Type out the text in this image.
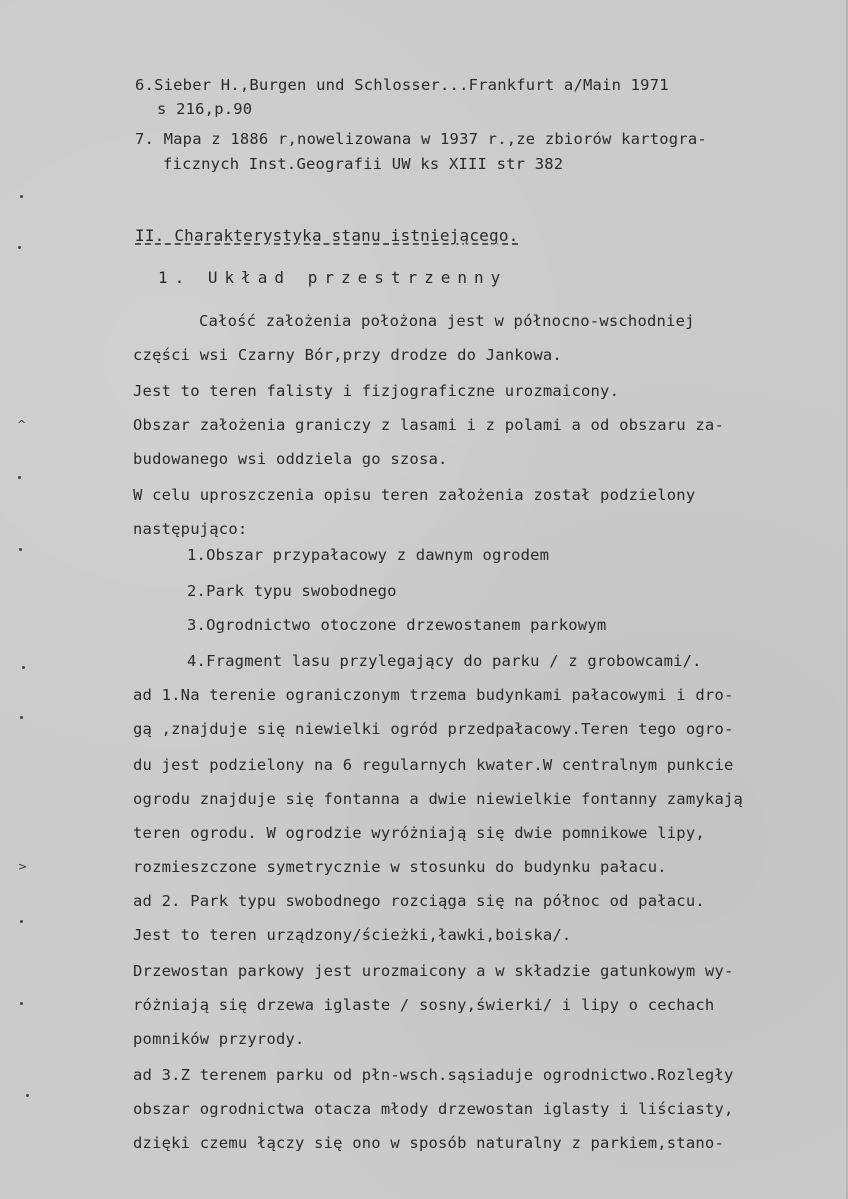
6.Sieber H.,Burgen und Schlosser...Frankfurt a/Main 1971
s 216,p.90
7. Mapa z 1886 r,nowelizowana w 1937 r.,ze zbiorów kartogra-
ficznych Inst.Geografii UW ks XIII str 382
II. Charakterystyka stanu istniejącego.
1. Układ przestrzenny
Całość założenia położona jest w północno-wschodniej
części wsi Czarny Bór,przy drodze do Jankowa.
Jest to teren falisty i fizjograficzne urozmaicony.
Obszar założenia graniczy z lasami i z polami a od obszaru za-
budowanego wsi oddziela go szosa.
W celu uproszczenia opisu teren założenia został podzielony
następująco:
1.Obszar przypałacowy z dawnym ogrodem
2.Park typu swobodnego
3.Ogrodnictwo otoczone drzewostanem parkowym
4.Fragment lasu przylegający do parku / z grobowcami/.
ad 1.Na terenie ograniczonym trzema budynkami pałacowymi i dro-
gą ,znajduje się niewielki ogród przedpałacowy.Teren tego ogro-
du jest podzielony na 6 regularnych kwater.W centralnym punkcie
ogrodu znajduje się fontanna a dwie niewielkie fontanny zamykają
teren ogrodu. W ogrodzie wyróżniają się dwie pomnikowe lipy,
rozmieszczone symetrycznie w stosunku do budynku pałacu.
ad 2. Park typu swobodnego rozciąga się na północ od pałacu.
Jest to teren urządzony/ścieżki,ławki,boiska/.
Drzewostan parkowy jest urozmaicony a w składzie gatunkowym wy-
różniają się drzewa iglaste / sosny,świerki/ i lipy o cechach
pomników przyrody.
ad 3.Z terenem parku od płn-wsch.sąsiaduje ogrodnictwo.Rozległy
obszar ogrodnictwa otacza młody drzewostan iglasty i liściasty,
dzięki czemu łączy się ono w sposób naturalny z parkiem,stano-
^
>
